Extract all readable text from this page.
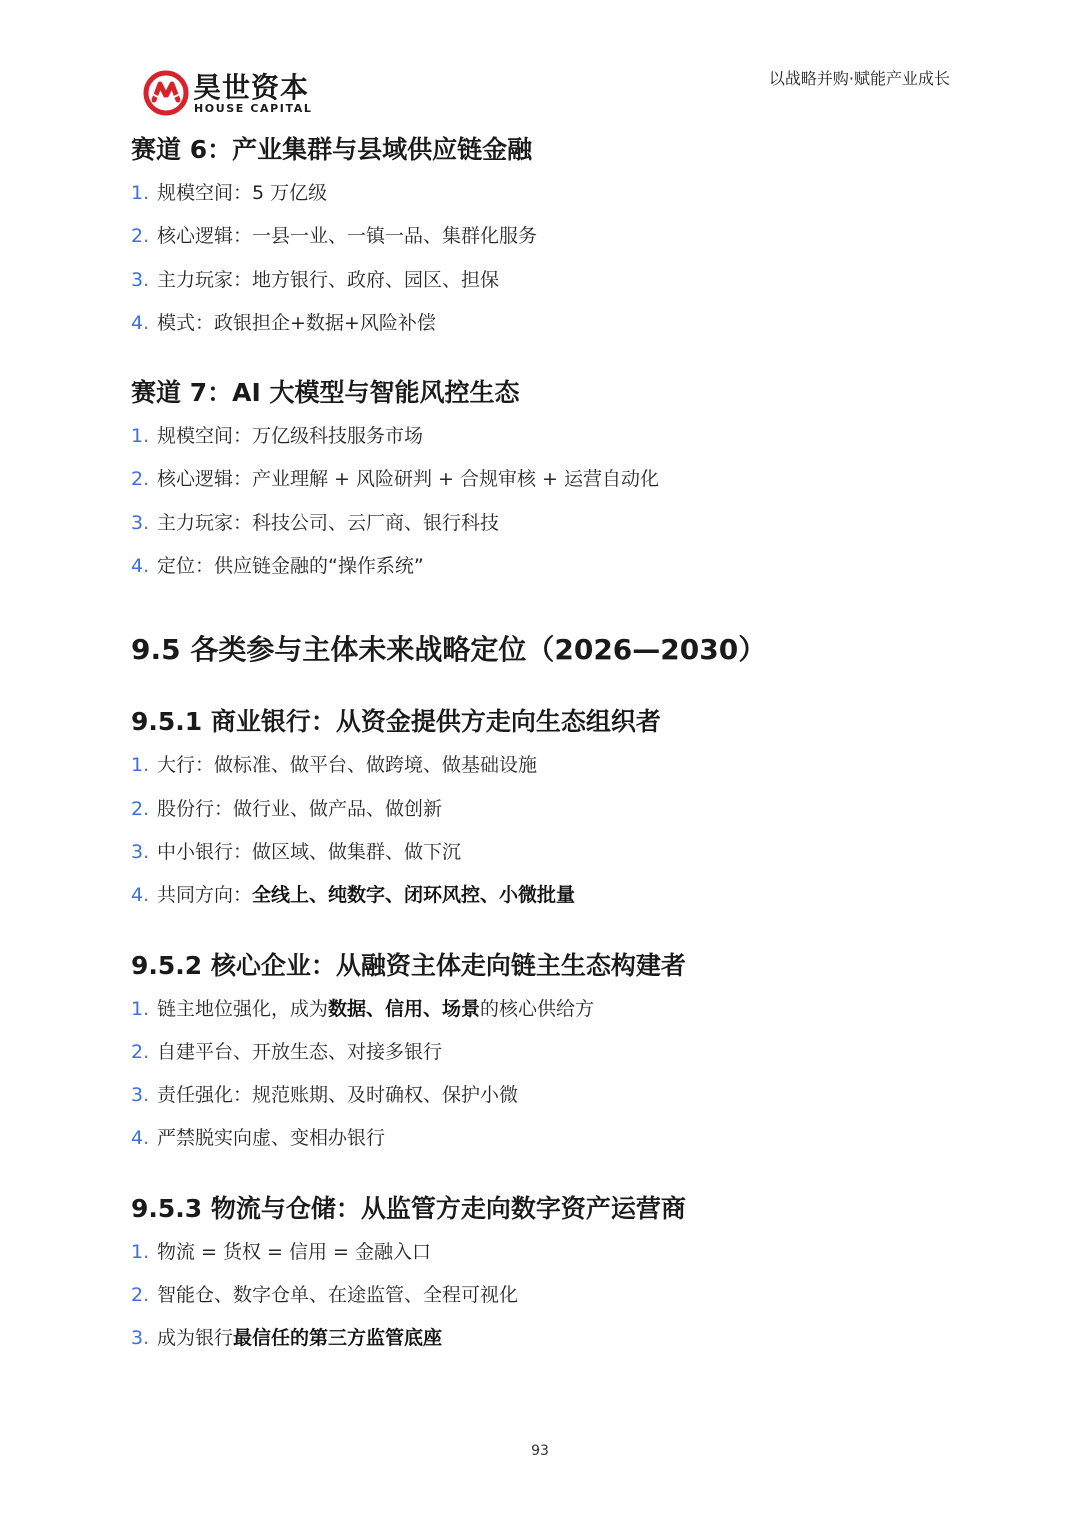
昊世资本
HOUSE CAPITAL
以战略并购·赋能产业成长
赛道 6：产业集群与县域供应链金融
1. 规模空间：5 万亿级
2. 核心逻辑：一县一业、一镇一品、集群化服务
3. 主力玩家：地方银行、政府、园区、担保
4. 模式：政银担企+数据+风险补偿
赛道 7：AI 大模型与智能风控生态
1. 规模空间：万亿级科技服务市场
2. 核心逻辑：产业理解 + 风险研判 + 合规审核 + 运营自动化
3. 主力玩家：科技公司、云厂商、银行科技
4. 定位：供应链金融的“操作系统”
9.5 各类参与主体未来战略定位（2026—2030）
9.5.1 商业银行：从资金提供方走向生态组织者
1. 大行：做标准、做平台、做跨境、做基础设施
2. 股份行：做行业、做产品、做创新
3. 中小银行：做区域、做集群、做下沉
4. 共同方向：全线上、纯数字、闭环风控、小微批量
9.5.2 核心企业：从融资主体走向链主生态构建者
1. 链主地位强化，成为数据、信用、场景的核心供给方
2. 自建平台、开放生态、对接多银行
3. 责任强化：规范账期、及时确权、保护小微
4. 严禁脱实向虚、变相办银行
9.5.3 物流与仓储：从监管方走向数字资产运营商
1. 物流 = 货权 = 信用 = 金融入口
2. 智能仓、数字仓单、在途监管、全程可视化
3. 成为银行最信任的第三方监管底座
93
